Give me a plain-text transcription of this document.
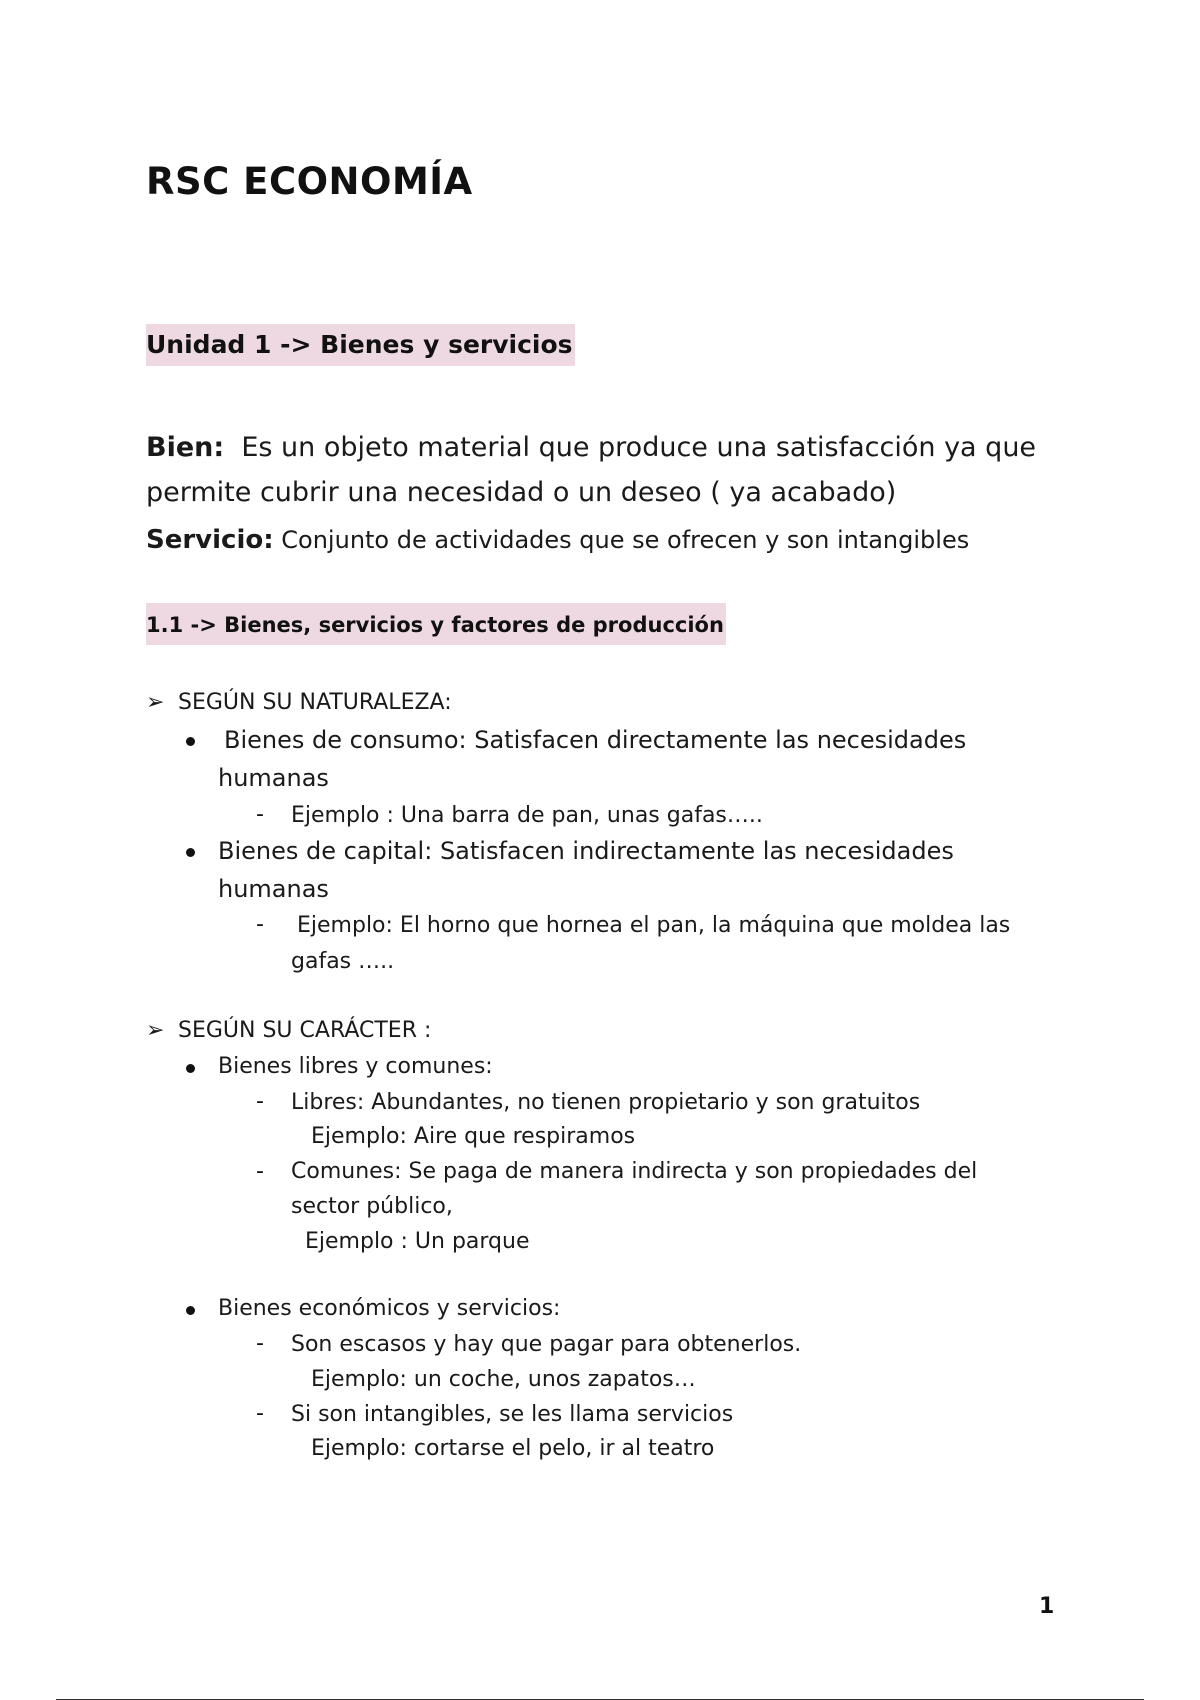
RSC ECONOMÍA
Unidad 1 -> Bienes y servicios
Bien: Es un objeto material que produce una satisfacción ya que
permite cubrir una necesidad o un deseo ( ya acabado)
Servicio: Conjunto de actividades que se ofrecen y son intangibles
1.1 -> Bienes, servicios y factores de producción
➢ SEGÚN SU NATURALEZA:
Bienes de consumo: Satisfacen directamente las necesidades
humanas
- Ejemplo : Una barra de pan, unas gafas…..
Bienes de capital: Satisfacen indirectamente las necesidades
humanas
- Ejemplo: El horno que hornea el pan, la máquina que moldea las
gafas …..
➢ SEGÚN SU CARÁCTER :
Bienes libres y comunes:
- Libres: Abundantes, no tienen propietario y son gratuitos
Ejemplo: Aire que respiramos
- Comunes: Se paga de manera indirecta y son propiedades del
sector público,
Ejemplo : Un parque
Bienes económicos y servicios:
- Son escasos y hay que pagar para obtenerlos.
Ejemplo: un coche, unos zapatos…
- Si son intangibles, se les llama servicios
Ejemplo: cortarse el pelo, ir al teatro
1
